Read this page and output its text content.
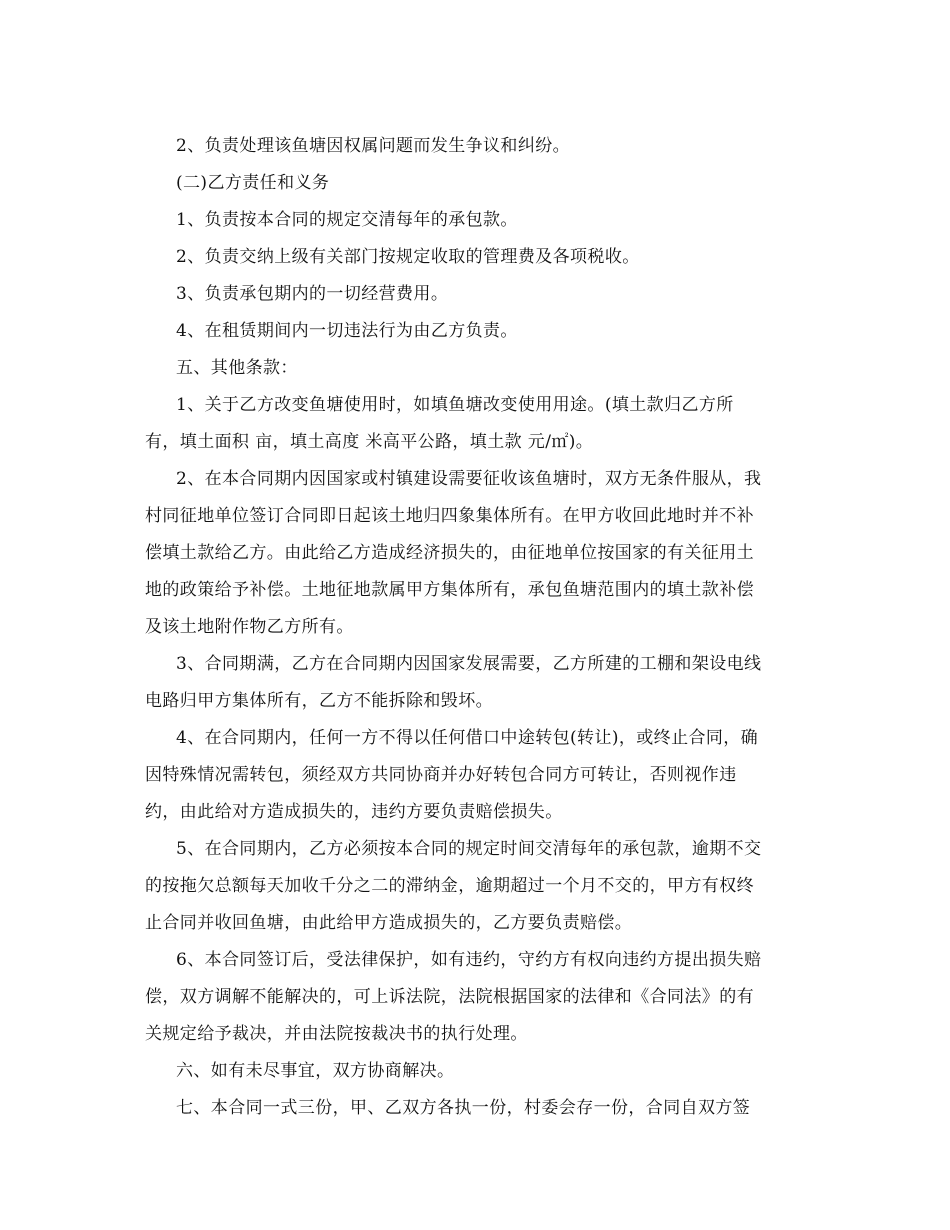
2、负责处理该鱼塘因权属问题而发生争议和纠纷。
(二)乙方责任和义务
1、负责按本合同的规定交清每年的承包款。
2、负责交纳上级有关部门按规定收取的管理费及各项税收。
3、负责承包期内的一切经营费用。
4、在租赁期间内一切违法行为由乙方负责。
五、其他条款：
1、关于乙方改变鱼塘使用时，如填鱼塘改变使用用途。(填土款归乙方所
有，填土面积 亩，填土高度 米高平公路，填土款 元/㎡)。
2、在本合同期内因国家或村镇建设需要征收该鱼塘时，双方无条件服从，我
村同征地单位签订合同即日起该土地归四象集体所有。在甲方收回此地时并不补
偿填土款给乙方。由此给乙方造成经济损失的，由征地单位按国家的有关征用土
地的政策给予补偿。土地征地款属甲方集体所有，承包鱼塘范围内的填土款补偿
及该土地附作物乙方所有。
3、合同期满，乙方在合同期内因国家发展需要，乙方所建的工棚和架设电线
电路归甲方集体所有，乙方不能拆除和毁坏。
4、在合同期内，任何一方不得以任何借口中途转包(转让)，或终止合同，确
因特殊情况需转包，须经双方共同协商并办好转包合同方可转让，否则视作违
约，由此给对方造成损失的，违约方要负责赔偿损失。
5、在合同期内，乙方必须按本合同的规定时间交清每年的承包款，逾期不交
的按拖欠总额每天加收千分之二的滞纳金，逾期超过一个月不交的，甲方有权终
止合同并收回鱼塘，由此给甲方造成损失的，乙方要负责赔偿。
6、本合同签订后，受法律保护，如有违约，守约方有权向违约方提出损失赔
偿，双方调解不能解决的，可上诉法院，法院根据国家的法律和《合同法》的有
关规定给予裁决，并由法院按裁决书的执行处理。
六、如有未尽事宜，双方协商解决。
七、本合同一式三份，甲、乙双方各执一份，村委会存一份，合同自双方签
